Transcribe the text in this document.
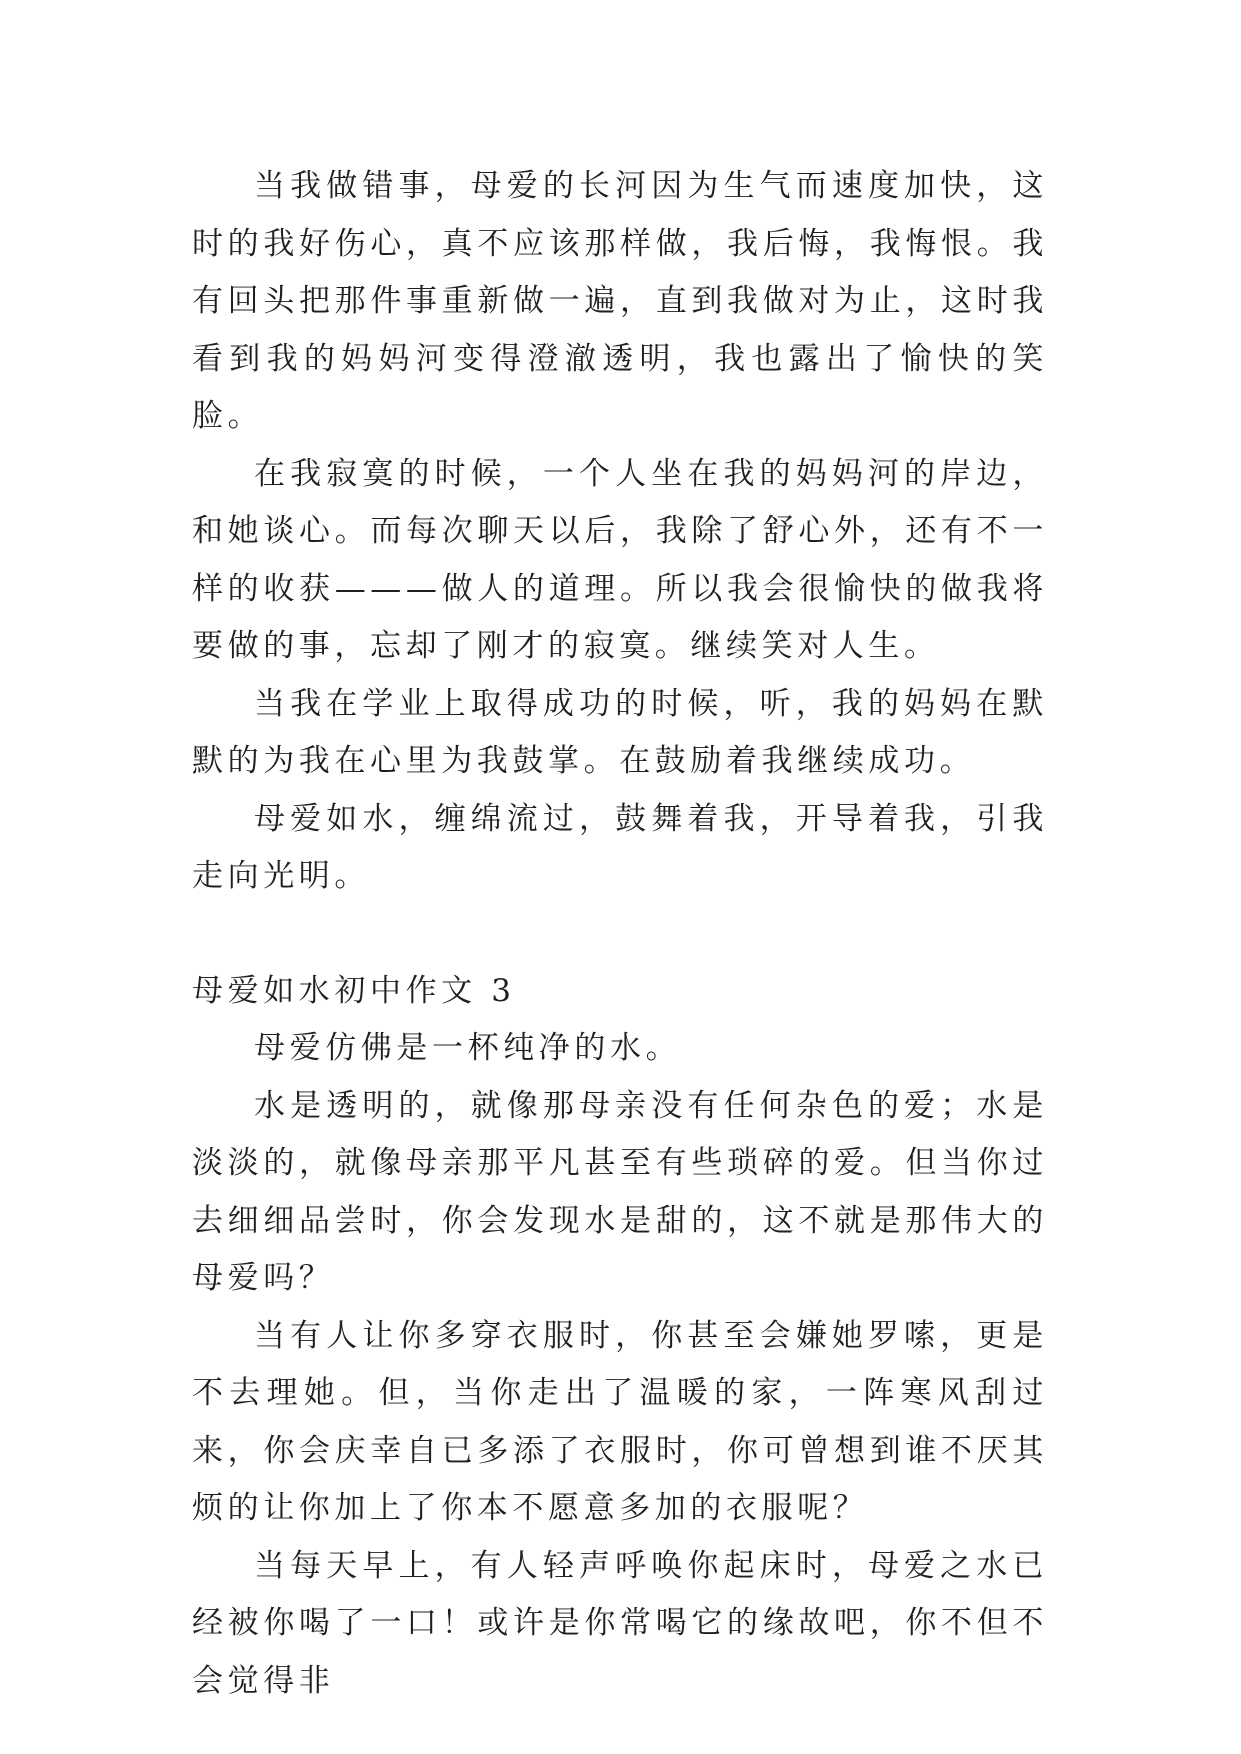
当我做错事，母爱的长河因为生气而速度加快，这时的我好伤心，真不应该那样做，我后悔，我悔恨。我有回头把那件事重新做一遍，直到我做对为止，这时我看到我的妈妈河变得澄澈透明，我也露出了愉快的笑脸。

在我寂寞的时候，一个人坐在我的妈妈河的岸边，和她谈心。而每次聊天以后，我除了舒心外，还有不一样的收获———做人的道理。所以我会很愉快的做我将要做的事，忘却了刚才的寂寞。继续笑对人生。

当我在学业上取得成功的时候，听，我的妈妈在默默的为我在心里为我鼓掌。在鼓励着我继续成功。

母爱如水，缠绵流过，鼓舞着我，开导着我，引我走向光明。

母爱如水初中作文 3

母爱仿佛是一杯纯净的水。

水是透明的，就像那母亲没有任何杂色的爱；水是淡淡的，就像母亲那平凡甚至有些琐碎的爱。但当你过去细细品尝时，你会发现水是甜的，这不就是那伟大的母爱吗？

当有人让你多穿衣服时，你甚至会嫌她罗嗦，更是不去理她。但，当你走出了温暖的家，一阵寒风刮过来，你会庆幸自已多添了衣服时，你可曾想到谁不厌其烦的让你加上了你本不愿意多加的衣服呢？

当每天早上，有人轻声呼唤你起床时，母爱之水已经被你喝了一口！或许是你常喝它的缘故吧，你不但不会觉得非
